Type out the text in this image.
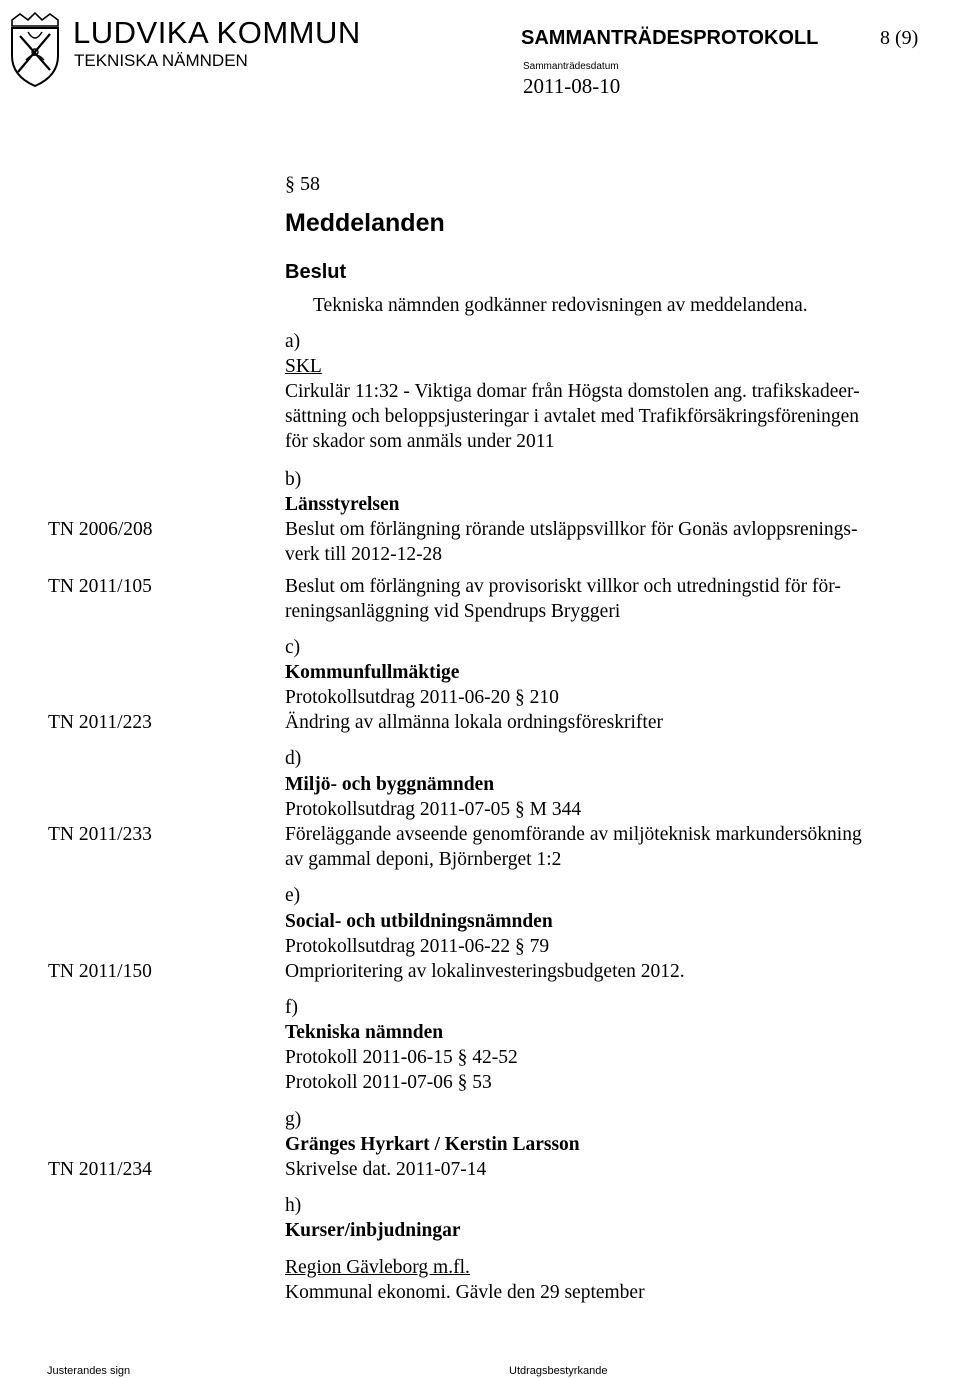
LUDVIKA KOMMUN
TEKNISKA NÄMNDEN
SAMMANTRÄDESPROTOKOLL	8 (9)
Sammanträdesdatum
2011-08-10
§ 58
Meddelanden
Beslut
Tekniska nämnden godkänner redovisningen av meddelandena.
a)
SKL
Cirkulär 11:32 - Viktiga domar från Högsta domstolen ang. trafikskadeer-
sättning och beloppsjusteringar i avtalet med Trafikförsäkringsföreningen
för skador som anmäls under 2011
b)
Länsstyrelsen
TN 2006/208	Beslut om förlängning rörande utsläppsvillkor för Gonäs avloppsrenings-
verk till 2012-12-28
TN 2011/105	Beslut om förlängning av provisoriskt villkor och utredningstid för för-
reningsanläggning vid Spendrups Bryggeri
c)
Kommunfullmäktige
Protokollsutdrag 2011-06-20 § 210
TN 2011/223	Ändring av allmänna lokala ordningsföreskrifter
d)
Miljö- och byggnämnden
Protokollsutdrag 2011-07-05 § M 344
TN 2011/233	Föreläggande avseende genomförande av miljöteknisk markundersökning
av gammal deponi, Björnberget 1:2
e)
Social- och utbildningsnämnden
Protokollsutdrag 2011-06-22 § 79
TN 2011/150	Omprioritering av lokalinvesteringsbudgeten 2012.
f)
Tekniska nämnden
Protokoll 2011-06-15 § 42-52
Protokoll 2011-07-06 § 53
g)
Gränges Hyrkart / Kerstin Larsson
TN 2011/234	Skrivelse dat. 2011-07-14
h)
Kurser/inbjudningar
Region Gävleborg m.fl.
Kommunal ekonomi. Gävle den 29 september
Justerandes sign	Utdragsbestyrkande
